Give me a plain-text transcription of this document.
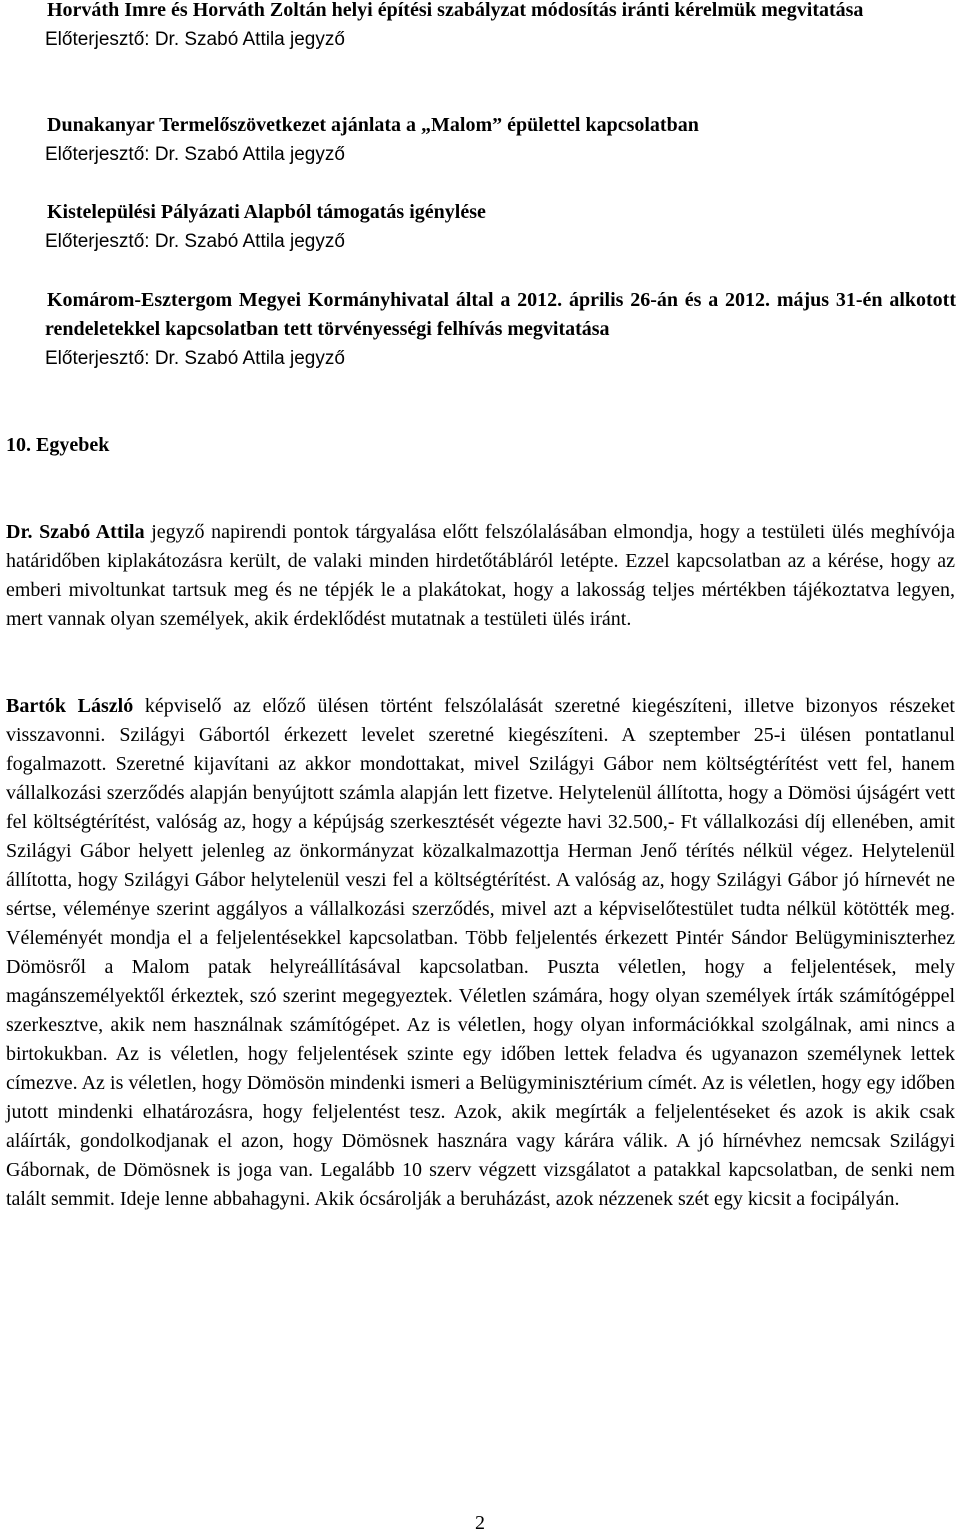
Horváth Imre és Horváth Zoltán helyi építési szabályzat módosítás iránti kérelmük megvitatása
Előterjesztő: Dr. Szabó Attila jegyző
Dunakanyar Termelőszövetkezet ajánlata a „Malom” épülettel kapcsolatban
Előterjesztő: Dr. Szabó Attila jegyző
Kistelepülési Pályázati Alapból támogatás igénylése
Előterjesztő: Dr. Szabó Attila jegyző
Komárom-Esztergom Megyei Kormányhivatal által a 2012. április 26-án és a 2012. május 31-én alkotott rendeletekkel kapcsolatban tett törvényességi felhívás megvitatása
Előterjesztő: Dr. Szabó Attila jegyző
10. Egyebek

Dr. Szabó Attila jegyző napirendi pontok tárgyalása előtt felszólalásában elmondja, hogy a testületi ülés meghívója határidőben kiplakátozásra került, de valaki minden hirdetőtábláról letépte. Ezzel kapcsolatban az a kérése, hogy az emberi mivoltunkat tartsuk meg és ne tépjék le a plakátokat, hogy a lakosság teljes mértékben tájékoztatva legyen, mert vannak olyan személyek, akik érdeklődést mutatnak a testületi ülés iránt.

Bartók László képviselő az előző ülésen történt felszólalását szeretné kiegészíteni, illetve bizonyos részeket visszavonni. Szilágyi Gábortól érkezett levelet szeretné kiegészíteni. A szeptember 25-i ülésen pontatlanul fogalmazott. Szeretné kijavítani az akkor mondottakat, mivel Szilágyi Gábor nem költségtérítést vett fel, hanem vállalkozási szerződés alapján benyújtott számla alapján lett fizetve. Helytelenül állította, hogy a Dömösi újságért vett fel költségtérítést, valóság az, hogy a képújság szerkesztését végezte havi 32.500,- Ft vállalkozási díj ellenében, amit Szilágyi Gábor helyett jelenleg az önkormányzat közalkalmazottja Herman Jenő térítés nélkül végez. Helytelenül állította, hogy Szilágyi Gábor helytelenül veszi fel a költségtérítést. A valóság az, hogy Szilágyi Gábor jó hírnevét ne sértse, véleménye szerint aggályos a vállalkozási szerződés, mivel azt a képviselőtestület tudta nélkül kötötték meg. Véleményét mondja el a feljelentésekkel kapcsolatban. Több feljelentés érkezett Pintér Sándor Belügyminiszterhez Dömösről a Malom patak helyreállításával kapcsolatban. Puszta véletlen, hogy a feljelentések, mely magánszemélyektől érkeztek, szó szerint megegyeztek. Véletlen számára, hogy olyan személyek írták számítógéppel szerkesztve, akik nem használnak számítógépet. Az is véletlen, hogy olyan információkkal szolgálnak, ami nincs a birtokukban. Az is véletlen, hogy feljelentések szinte egy időben lettek feladva és ugyanazon személynek lettek címezve. Az is véletlen, hogy Dömösön mindenki ismeri a Belügyminisztérium címét. Az is véletlen, hogy egy időben jutott mindenki elhatározásra, hogy feljelentést tesz. Azok, akik megírták a feljelentéseket és azok is akik csak aláírták, gondolkodjanak el azon, hogy Dömösnek hasznára vagy kárára válik. A jó hírnévhez nemcsak Szilágyi Gábornak, de Dömösnek is joga van. Legalább 10 szerv végzett vizsgálatot a patakkal kapcsolatban, de senki nem talált semmit. Ideje lenne abbahagyni. Akik ócsárolják a beruházást, azok nézzenek szét egy kicsit a focipályán.

2
